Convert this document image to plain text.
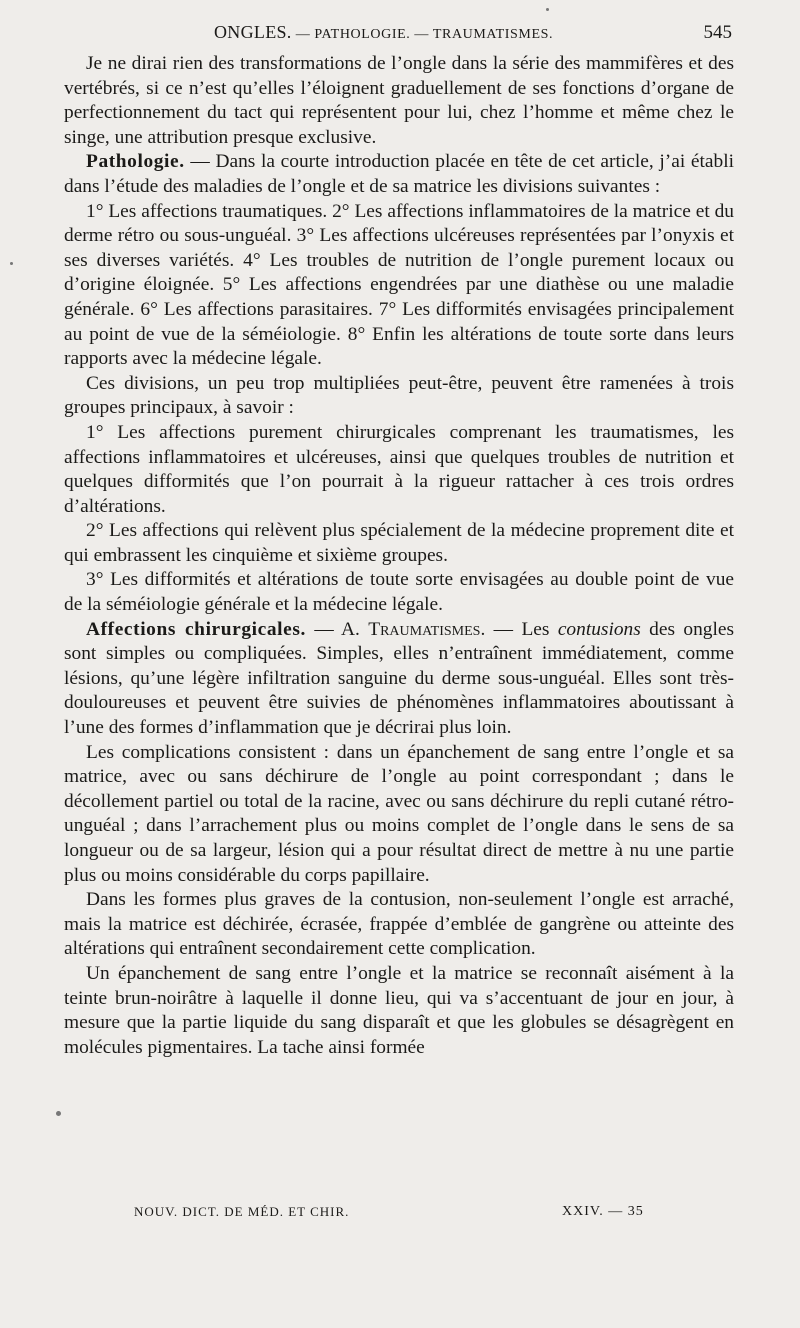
ONGLES. — PATHOLOGIE. — TRAUMATISMES.	545

Je ne dirai rien des transformations de l’ongle dans la série des mammifères et des vertébrés, si ce n’est qu’elles l’éloignent graduellement de ses fonctions d’organe de perfectionnement du tact qui représentent pour lui, chez l’homme et même chez le singe, une attribution presque exclusive.

Pathologie. — Dans la courte introduction placée en tête de cet article, j’ai établi dans l’étude des maladies de l’ongle et de sa matrice les divisions suivantes :

1° Les affections traumatiques. 2° Les affections inflammatoires de la matrice et du derme rétro ou sous-unguéal. 3° Les affections ulcéreuses représentées par l’onyxis et ses diverses variétés. 4° Les troubles de nutrition de l’ongle purement locaux ou d’origine éloignée. 5° Les affections engendrées par une diathèse ou une maladie générale. 6° Les affections parasitaires. 7° Les difformités envisagées principalement au point de vue de la séméiologie. 8° Enfin les altérations de toute sorte dans leurs rapports avec la médecine légale.

Ces divisions, un peu trop multipliées peut-être, peuvent être ramenées à trois groupes principaux, à savoir :

1° Les affections purement chirurgicales comprenant les traumatismes, les affections inflammatoires et ulcéreuses, ainsi que quelques troubles de nutrition et quelques difformités que l’on pourrait à la rigueur rattacher à ces trois ordres d’altérations.

2° Les affections qui relèvent plus spécialement de la médecine proprement dite et qui embrassent les cinquième et sixième groupes.

3° Les difformités et altérations de toute sorte envisagées au double point de vue de la séméiologie générale et la médecine légale.

Affections chirurgicales. — A. Traumatismes. — Les contusions des ongles sont simples ou compliquées. Simples, elles n’entraînent immédiatement, comme lésions, qu’une légère infiltration sanguine du derme sous-unguéal. Elles sont très-douloureuses et peuvent être suivies de phénomènes inflammatoires aboutissant à l’une des formes d’inflammation que je décrirai plus loin.

Les complications consistent : dans un épanchement de sang entre l’ongle et sa matrice, avec ou sans déchirure de l’ongle au point correspondant ; dans le décollement partiel ou total de la racine, avec ou sans déchirure du repli cutané rétro-unguéal ; dans l’arrachement plus ou moins complet de l’ongle dans le sens de sa longueur ou de sa largeur, lésion qui a pour résultat direct de mettre à nu une partie plus ou moins considérable du corps papillaire.

Dans les formes plus graves de la contusion, non-seulement l’ongle est arraché, mais la matrice est déchirée, écrasée, frappée d’emblée de gangrène ou atteinte des altérations qui entraînent secondairement cette complication.

Un épanchement de sang entre l’ongle et la matrice se reconnaît aisément à la teinte brun-noirâtre à laquelle il donne lieu, qui va s’accentuant de jour en jour, à mesure que la partie liquide du sang disparaît et que les globules se désagrègent en molécules pigmentaires. La tache ainsi formée

NOUV. DICT. DE MÉD. ET CHIR.	XXIV. — 35
